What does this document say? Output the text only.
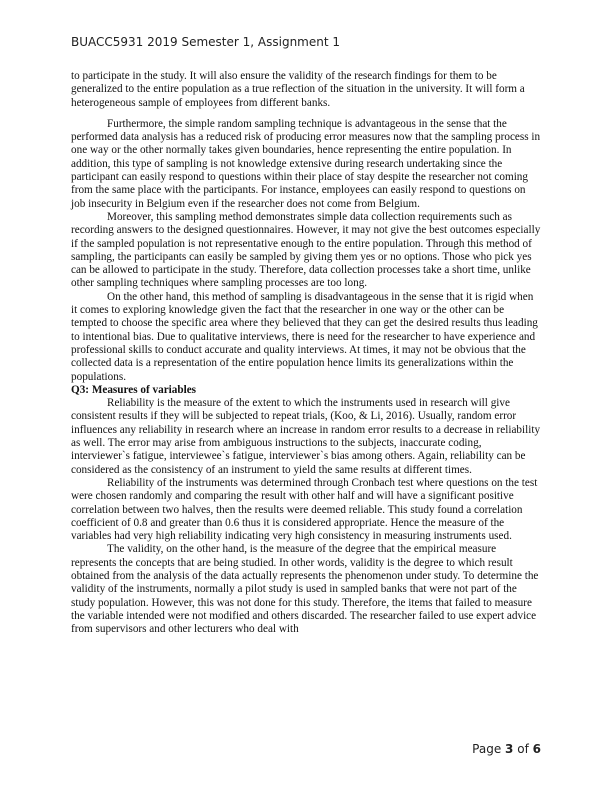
BUACC5931 2019 Semester 1, Assignment 1

to participate in the study. It will also ensure the validity of the research findings for them to be generalized to the entire population as a true reflection of the situation in the university. It will form a heterogeneous sample of employees from different banks.

Furthermore, the simple random sampling technique is advantageous in the sense that the performed data analysis has a reduced risk of producing error measures now that the sampling process in one way or the other normally takes given boundaries, hence representing the entire population. In addition, this type of sampling is not knowledge extensive during research undertaking since the participant can easily respond to questions within their place of stay despite the researcher not coming from the same place with the participants. For instance, employees can easily respond to questions on job insecurity in Belgium even if the researcher does not come from Belgium.

Moreover, this sampling method demonstrates simple data collection requirements such as recording answers to the designed questionnaires. However, it may not give the best outcomes especially if the sampled population is not representative enough to the entire population. Through this method of sampling, the participants can easily be sampled by giving them yes or no options. Those who pick yes can be allowed to participate in the study. Therefore, data collection processes take a short time, unlike other sampling techniques where sampling processes are too long.

On the other hand, this method of sampling is disadvantageous in the sense that it is rigid when it comes to exploring knowledge given the fact that the researcher in one way or the other can be tempted to choose the specific area where they believed that they can get the desired results thus leading to intentional bias. Due to qualitative interviews, there is need for the researcher to have experience and professional skills to conduct accurate and quality interviews. At times, it may not be obvious that the collected data is a representation of the entire population hence limits its generalizations within the populations.

Q3: Measures of variables

Reliability is the measure of the extent to which the instruments used in research will give consistent results if they will be subjected to repeat trials, (Koo, & Li, 2016). Usually, random error influences any reliability in research where an increase in random error results to a decrease in reliability as well. The error may arise from ambiguous instructions to the subjects, inaccurate coding, interviewer`s fatigue, interviewee`s fatigue, interviewer`s bias among others. Again, reliability can be considered as the consistency of an instrument to yield the same results at different times.

Reliability of the instruments was determined through Cronbach test where questions on the test were chosen randomly and comparing the result with other half and will have a significant positive correlation between two halves, then the results were deemed reliable. This study found a correlation coefficient of 0.8 and greater than 0.6 thus it is considered appropriate. Hence the measure of the variables had very high reliability indicating very high consistency in measuring instruments used.

The validity, on the other hand, is the measure of the degree that the empirical measure represents the concepts that are being studied. In other words, validity is the degree to which result obtained from the analysis of the data actually represents the phenomenon under study. To determine the validity of the instruments, normally a pilot study is used in sampled banks that were not part of the study population. However, this was not done for this study. Therefore, the items that failed to measure the variable intended were not modified and others discarded. The researcher failed to use expert advice from supervisors and other lecturers who deal with

Page 3 of 6
